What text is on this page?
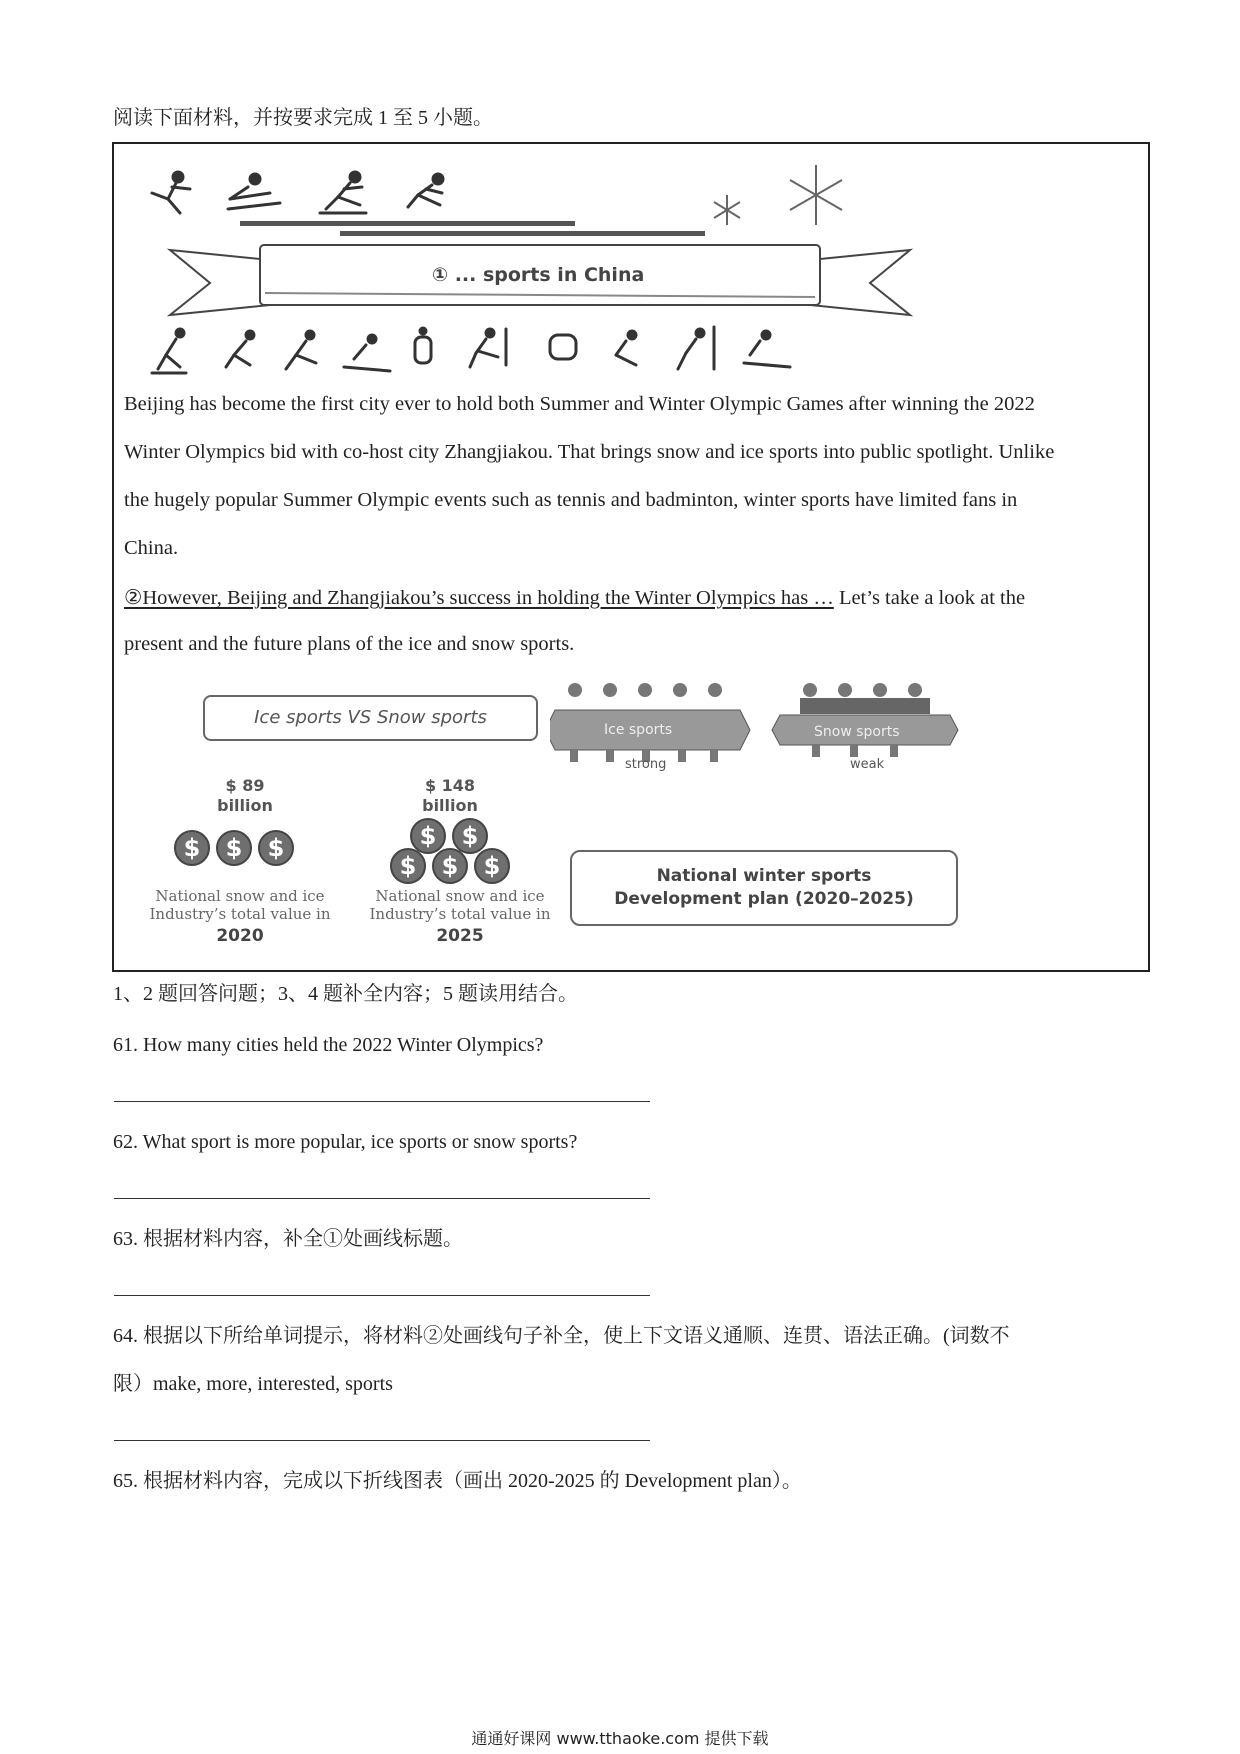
阅读下面材料，并按要求完成 1 至 5 小题。
① ... sports in China
Beijing has become the first city ever to hold both Summer and Winter Olympic Games after winning the 2022
Winter Olympics bid with co-host city Zhangjiakou. That brings snow and ice sports into public spotlight. Unlike
the hugely popular Summer Olympic events such as tennis and badminton, winter sports have limited fans in
China.
②However, Beijing and Zhangjiakou’s success in holding the Winter Olympics has … Let’s take a look at the
present and the future plans of the ice and snow sports.
Ice sports VS Snow sports
Ice sports
strong
Snow sports
weak
$ 89
billion
$	$	$
National snow and ice
Industry’s total value in
2020
$ 148
billion
$	$
$	$	$
National snow and ice
Industry’s total value in
2025
National winter sports
Development plan (2020–2025)
1、2 题回答问题；3、4 题补全内容；5 题读用结合。
61. How many cities held the 2022 Winter Olympics?
62. What sport is more popular, ice sports or snow sports?
63. 根据材料内容，补全①处画线标题。
64. 根据以下所给单词提示，将材料②处画线句子补全，使上下文语义通顺、连贯、语法正确。(词数不
限）make, more, interested, sports
65. 根据材料内容，完成以下折线图表（画出 2020-2025 的 Development plan）。
通通好课网 www.tthaoke.com 提供下载
